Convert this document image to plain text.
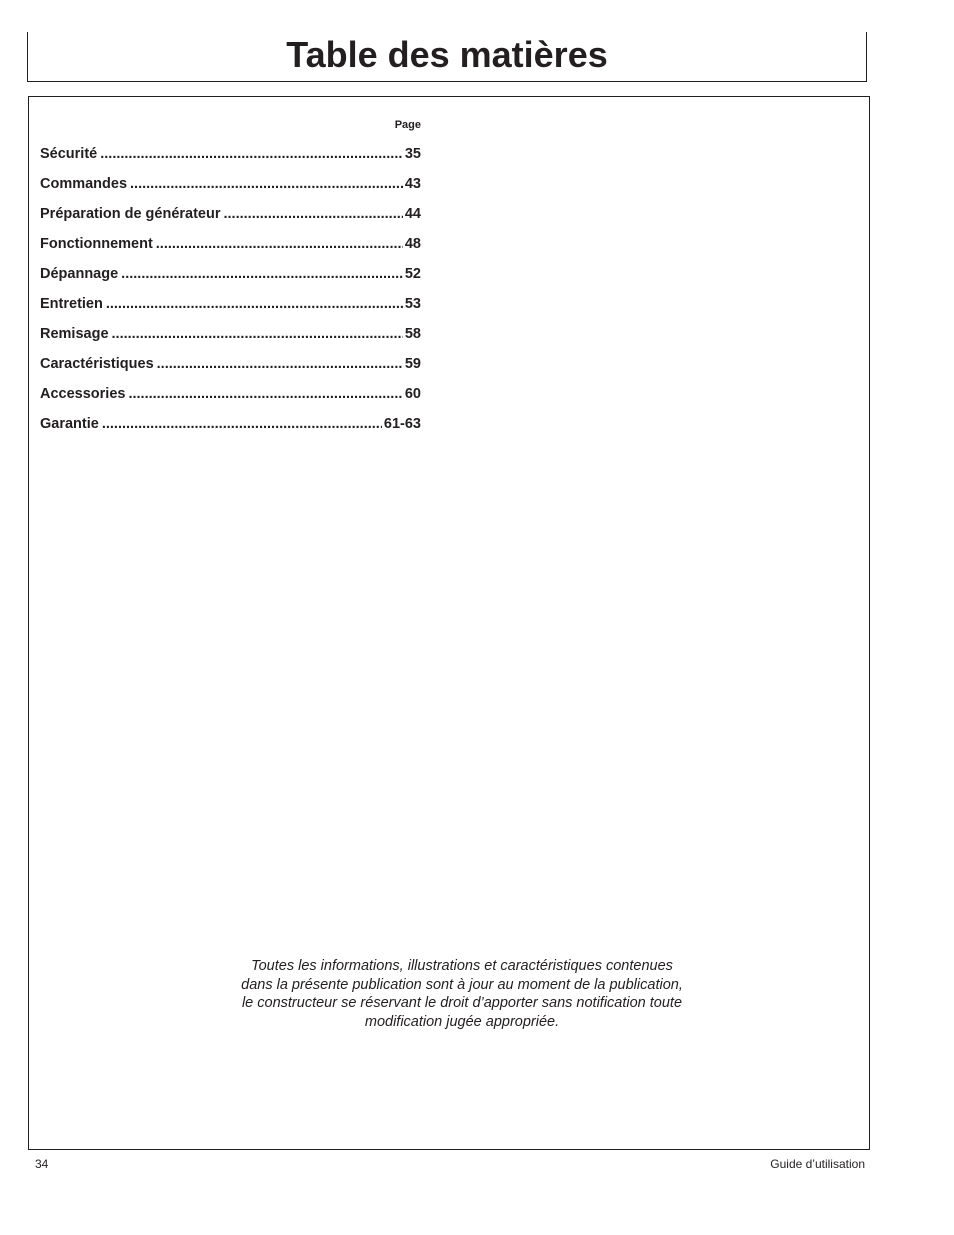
Table des matières
Page
Sécurité .....	35
Commandes .....	43
Préparation de générateur .....	44
Fonctionnement .....	48
Dépannage .....	52
Entretien .....	53
Remisage .....	58
Caractéristiques .....	59
Accessories .....	60
Garantie .....	61-63
Toutes les informations, illustrations et caractéristiques contenues
dans la présente publication sont à jour au moment de la publication,
le constructeur se réservant le droit d’apporter sans notification toute
modification jugée appropriée.
34	Guide d’utilisation
